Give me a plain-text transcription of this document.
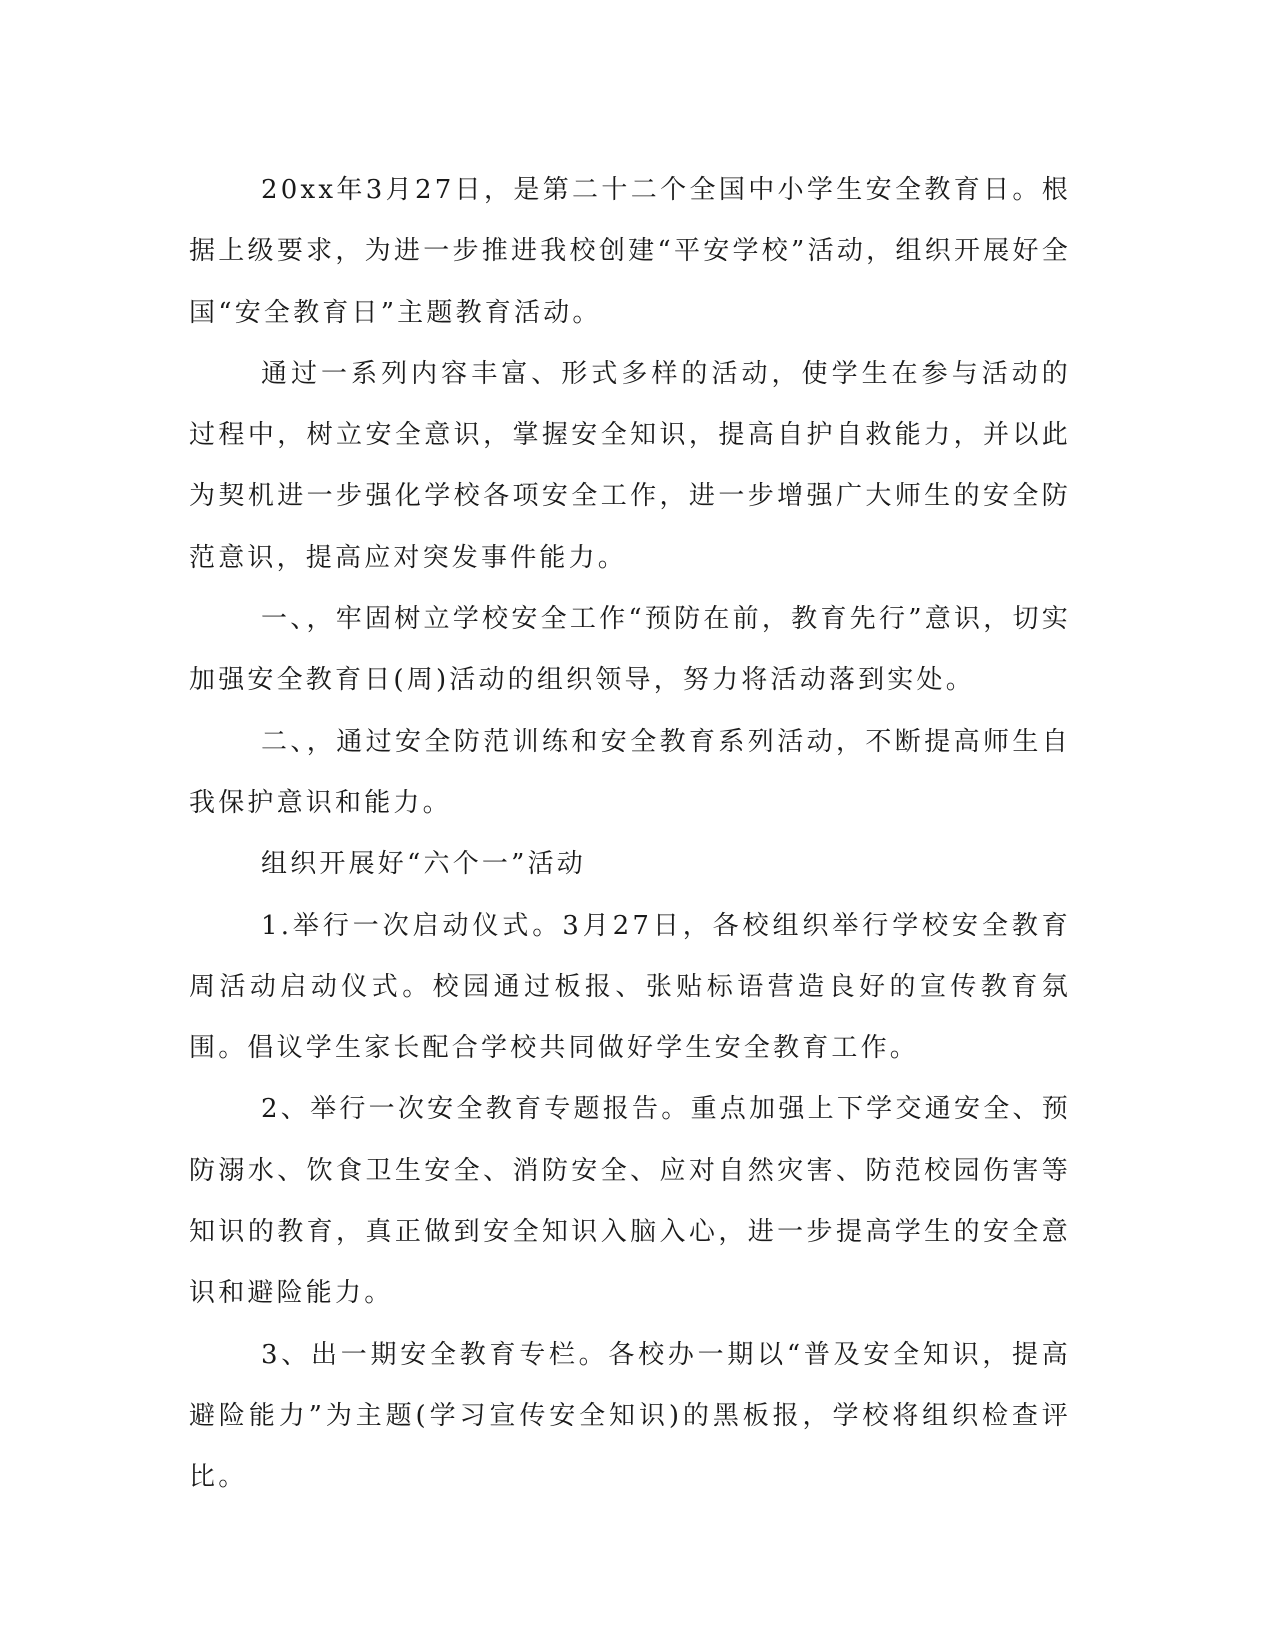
20xx年3月27日，是第二十二个全国中小学生安全教育日。根据上级要求，为进一步推进我校创建“平安学校”活动，组织开展好全国“安全教育日”主题教育活动。

通过一系列内容丰富、形式多样的活动，使学生在参与活动的过程中，树立安全意识，掌握安全知识，提高自护自救能力，并以此为契机进一步强化学校各项安全工作，进一步增强广大师生的安全防范意识，提高应对突发事件能力。

一、，牢固树立学校安全工作“预防在前，教育先行”意识，切实加强安全教育日(周)活动的组织领导，努力将活动落到实处。

二、，通过安全防范训练和安全教育系列活动，不断提高师生自我保护意识和能力。

组织开展好“六个一”活动

1.举行一次启动仪式。3月27日，各校组织举行学校安全教育周活动启动仪式。校园通过板报、张贴标语营造良好的宣传教育氛围。倡议学生家长配合学校共同做好学生安全教育工作。

2、举行一次安全教育专题报告。重点加强上下学交通安全、预防溺水、饮食卫生安全、消防安全、应对自然灾害、防范校园伤害等知识的教育，真正做到安全知识入脑入心，进一步提高学生的安全意识和避险能力。

3、出一期安全教育专栏。各校办一期以“普及安全知识，提高避险能力”为主题(学习宣传安全知识)的黑板报，学校将组织检查评比。
